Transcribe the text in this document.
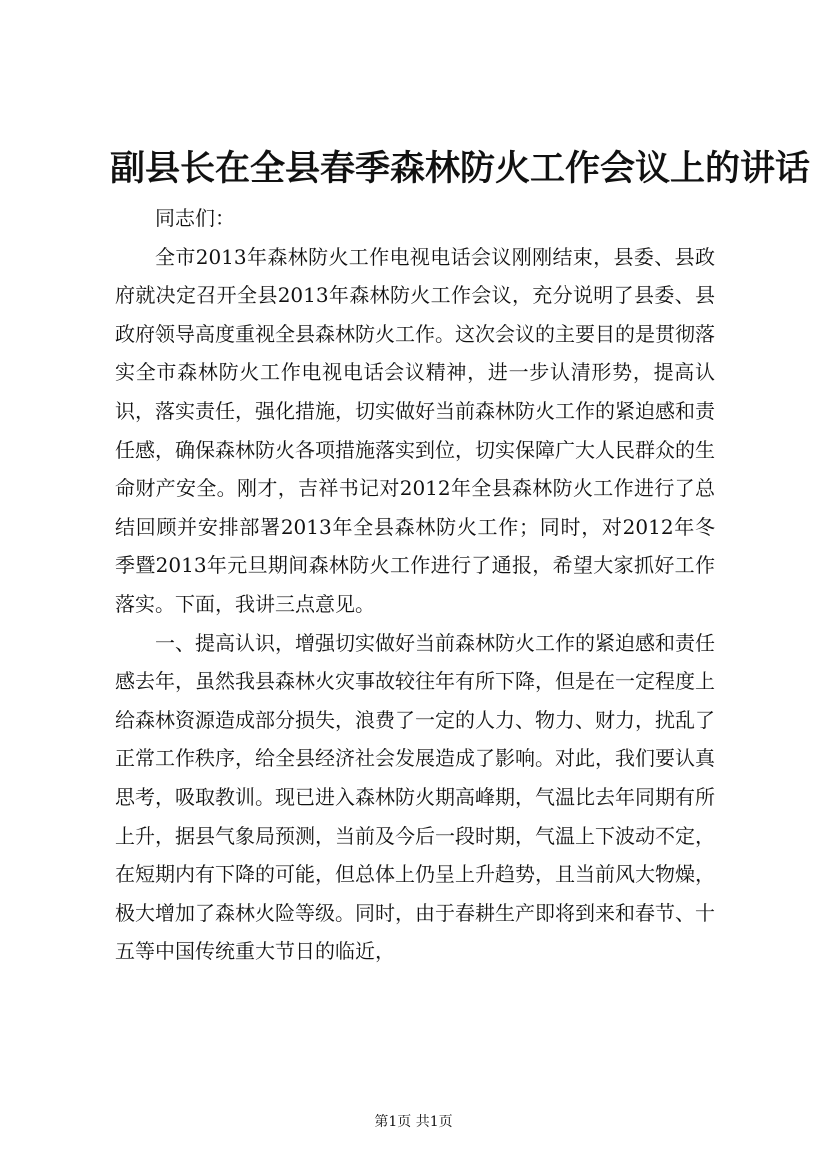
副县长在全县春季森林防火工作会议上的讲话

同志们：

全市2013年森林防火工作电视电话会议刚刚结束，县委、县政府就决定召开全县2013年森林防火工作会议，充分说明了县委、县政府领导高度重视全县森林防火工作。这次会议的主要目的是贯彻落实全市森林防火工作电视电话会议精神，进一步认清形势，提高认识，落实责任，强化措施，切实做好当前森林防火工作的紧迫感和责任感，确保森林防火各项措施落实到位，切实保障广大人民群众的生命财产安全。刚才，吉祥书记对2012年全县森林防火工作进行了总结回顾并安排部署2013年全县森林防火工作；同时，对2012年冬季暨2013年元旦期间森林防火工作进行了通报，希望大家抓好工作落实。下面，我讲三点意见。

一、提高认识，增强切实做好当前森林防火工作的紧迫感和责任感去年，虽然我县森林火灾事故较往年有所下降，但是在一定程度上给森林资源造成部分损失，浪费了一定的人力、物力、财力，扰乱了正常工作秩序，给全县经济社会发展造成了影响。对此，我们要认真思考，吸取教训。现已进入森林防火期高峰期，气温比去年同期有所上升，据县气象局预测，当前及今后一段时期，气温上下波动不定，在短期内有下降的可能，但总体上仍呈上升趋势，且当前风大物燥，极大增加了森林火险等级。同时，由于春耕生产即将到来和春节、十五等中国传统重大节日的临近，

第1页 共1页
